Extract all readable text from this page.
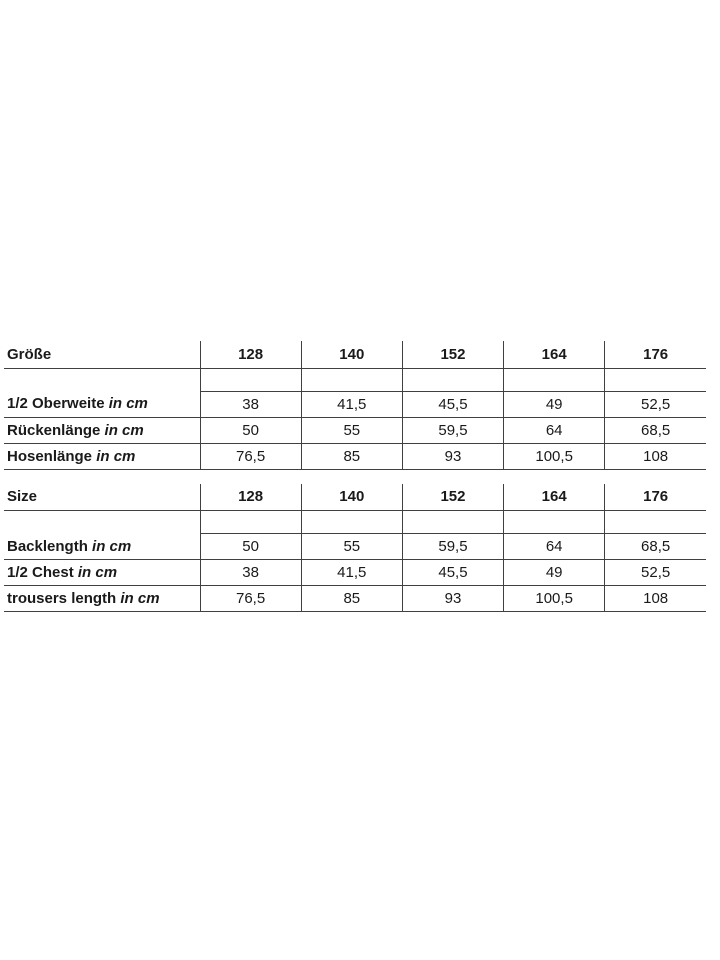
Größe	128	140	152	164	176

1/2 Oberweite in cm	38	41,5	45,5	49	52,5
Rückenlänge in cm	50	55	59,5	64	68,5
Hosenlänge in cm	76,5	85	93	100,5	108
Size	128	140	152	164	176

Backlength in cm	50	55	59,5	64	68,5
1/2 Chest in cm	38	41,5	45,5	49	52,5
trousers length in cm	76,5	85	93	100,5	108
